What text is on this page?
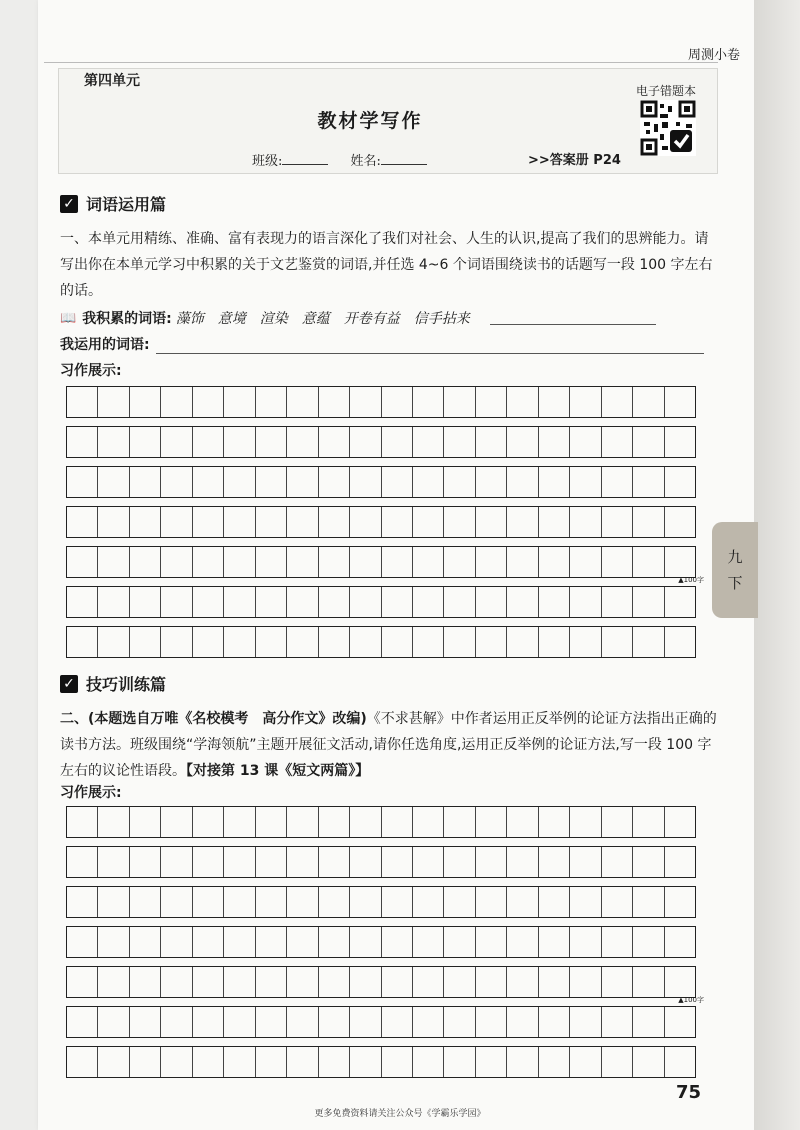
周测小卷
第四单元
教材学写作
班级:	姓名:	>>答案册 P24
电子错题本
✓ 词语运用篇
一、本单元用精练、准确、富有表现力的语言深化了我们对社会、人生的认识,提高了我们的思辨能力。请写出你在本单元学习中积累的关于文艺鉴赏的词语,并任选 4~6 个词语围绕读书的话题写一段 100 字左右的话。
📖 我积累的词语: 藻饰 意境 渲染 意蕴 开卷有益 信手拈来
我运用的词语:
习作展示:
▲100字
✓ 技巧训练篇
二、(本题选自万唯《名校模考　高分作文》改编)《不求甚解》中作者运用正反举例的论证方法指出正确的读书方法。班级围绕“学海领航”主题开展征文活动,请你任选角度,运用正反举例的论证方法,写一段 100 字左右的议论性语段。【对接第 13 课《短文两篇》】
习作展示:
▲100字
九
下
75
更多免费资料请关注公众号《学霸乐学园》
